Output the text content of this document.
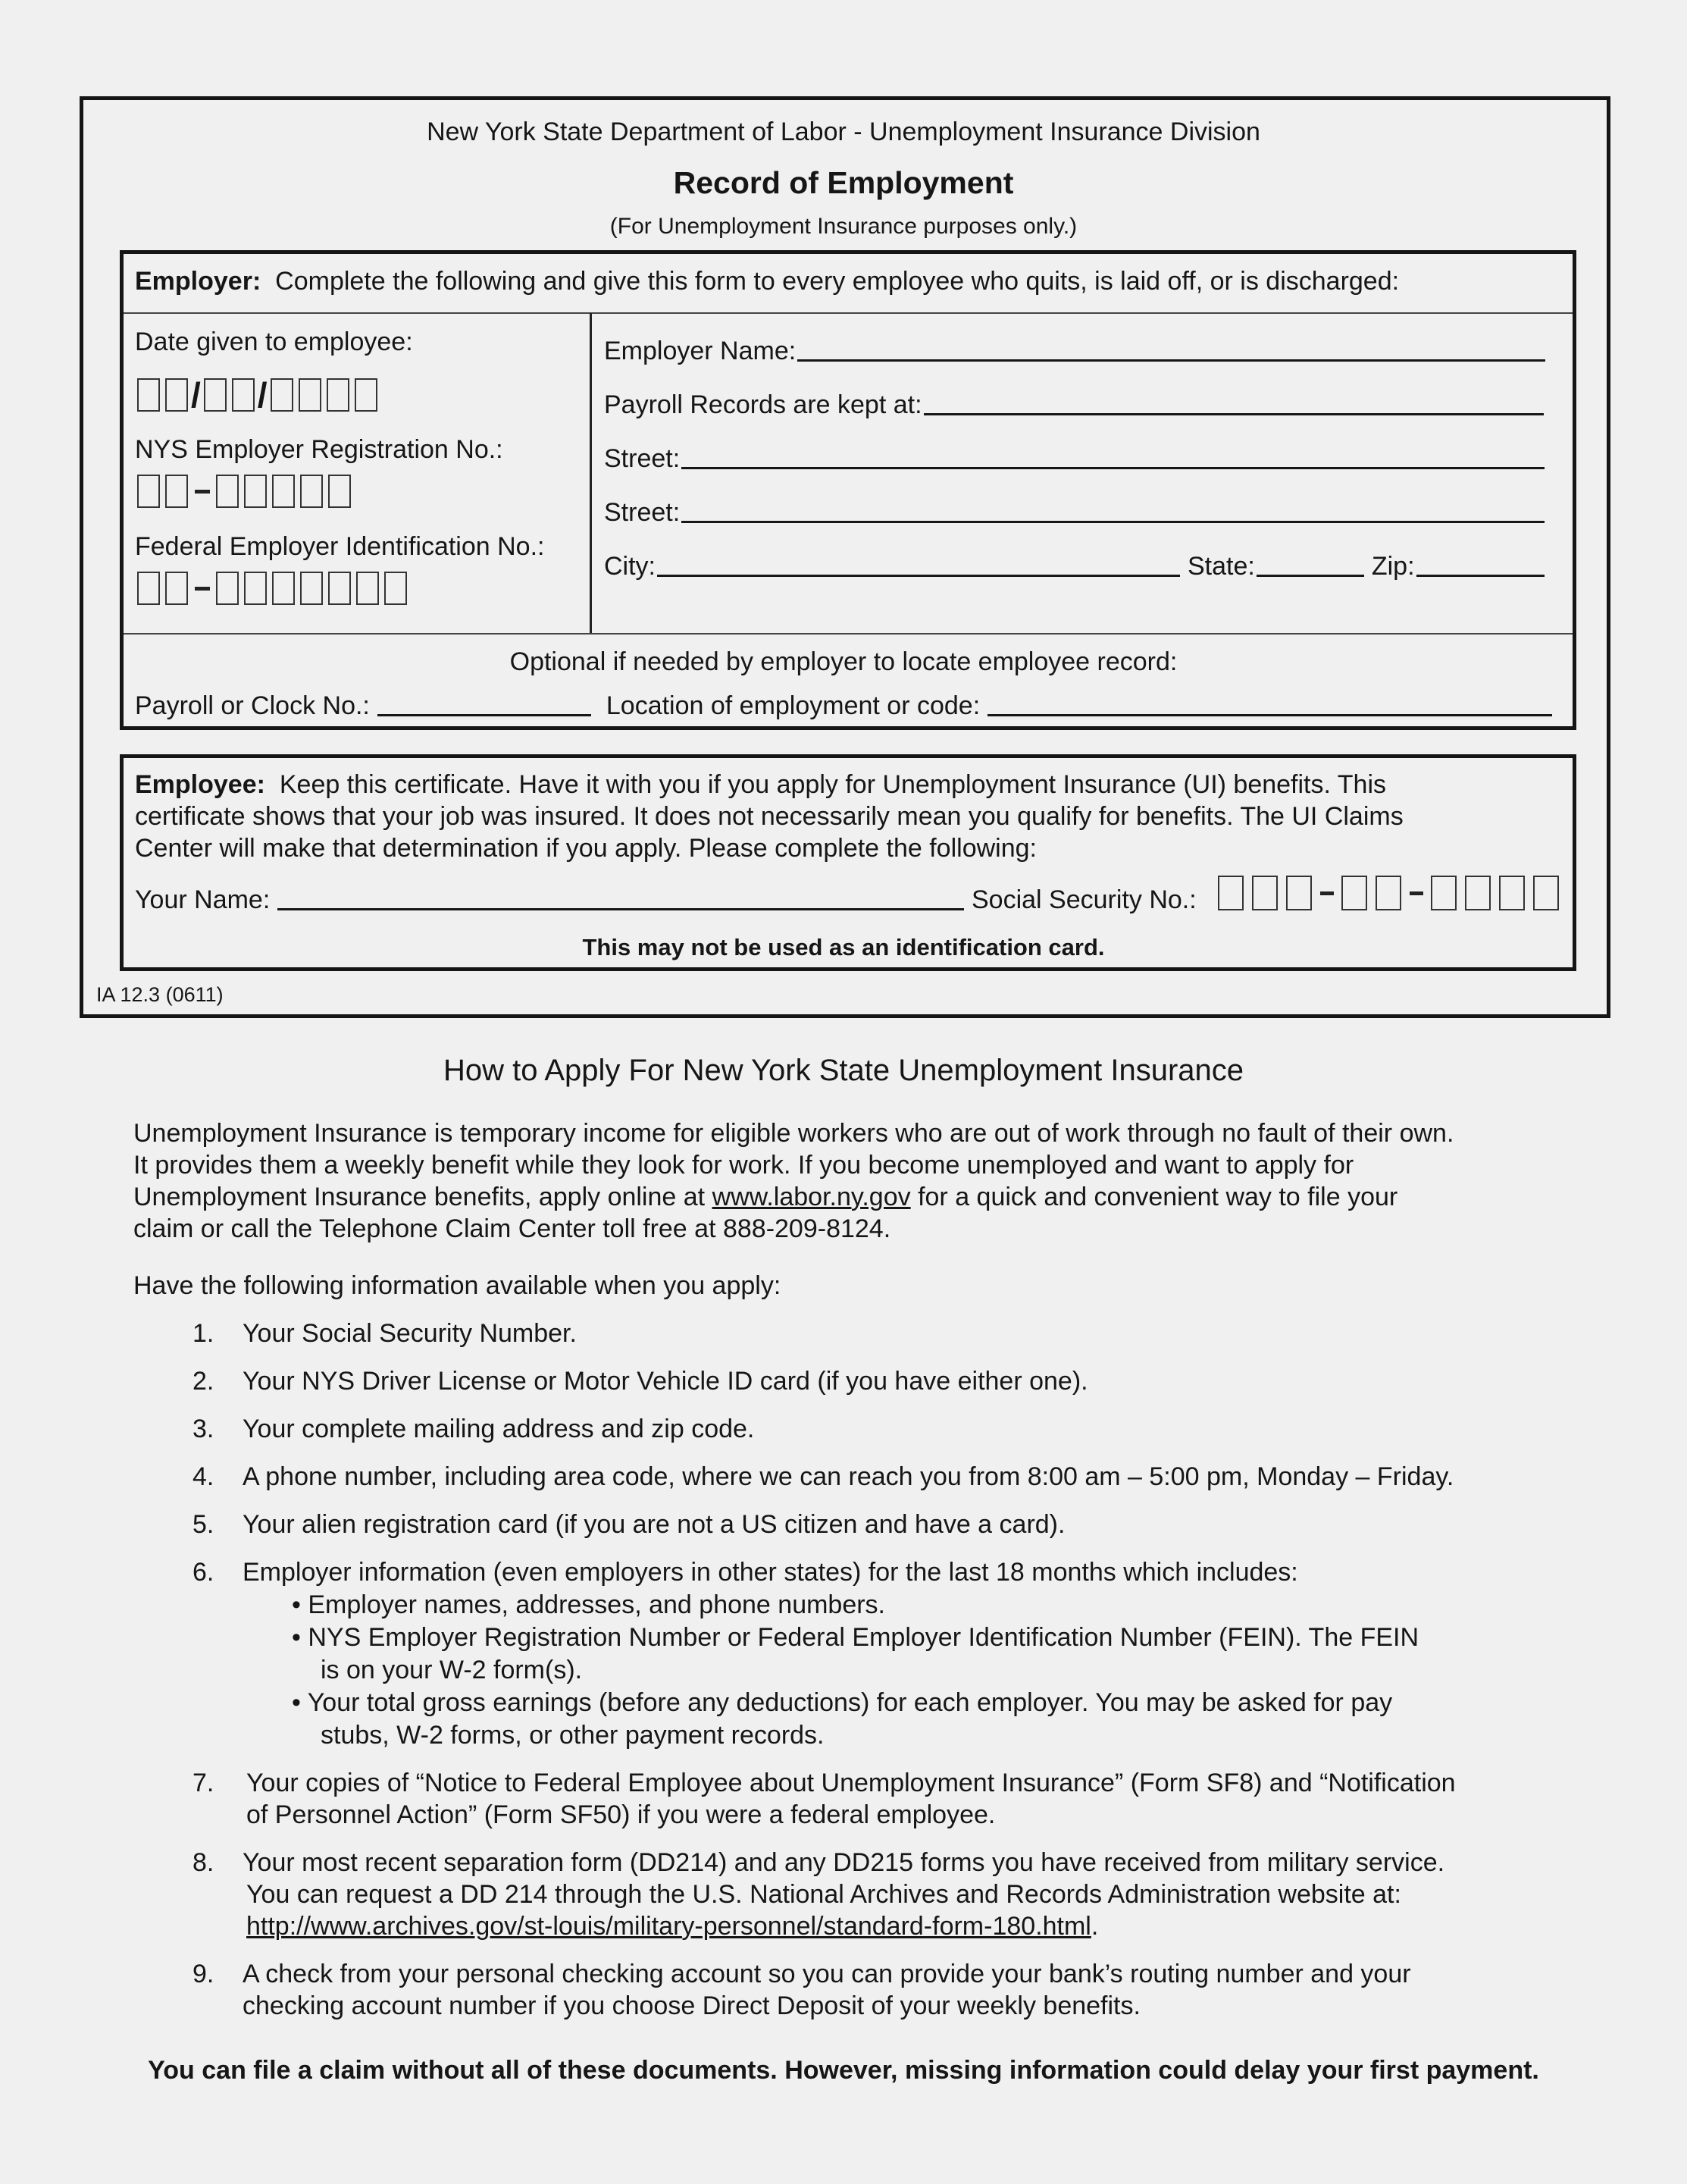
New York State Department of Labor - Unemployment Insurance Division
Record of Employment
(For Unemployment Insurance purposes only.)
Employer: Complete the following and give this form to every employee who quits, is laid off, or is discharged:
Date given to employee:
/ /
NYS Employer Registration No.:
Federal Employer Identification No.:
Employer Name:
Payroll Records are kept at:
Street:
Street:
City:	State:	Zip:
Optional if needed by employer to locate employee record:
Payroll or Clock No.:	Location of employment or code:
Employee: Keep this certificate. Have it with you if you apply for Unemployment Insurance (UI) benefits. This
certificate shows that your job was insured. It does not necessarily mean you qualify for benefits. The UI Claims
Center will make that determination if you apply. Please complete the following:
Your Name:	Social Security No.:
This may not be used as an identification card.
IA 12.3 (0611)
How to Apply For New York State Unemployment Insurance
Unemployment Insurance is temporary income for eligible workers who are out of work through no fault of their own.
It provides them a weekly benefit while they look for work. If you become unemployed and want to apply for
Unemployment Insurance benefits, apply online at www.labor.ny.gov for a quick and convenient way to file your
claim or call the Telephone Claim Center toll free at 888-209-8124.
Have the following information available when you apply:
1. Your Social Security Number.
2. Your NYS Driver License or Motor Vehicle ID card (if you have either one).
3. Your complete mailing address and zip code.
4. A phone number, including area code, where we can reach you from 8:00 am – 5:00 pm, Monday – Friday.
5. Your alien registration card (if you are not a US citizen and have a card).
6. Employer information (even employers in other states) for the last 18 months which includes:
• Employer names, addresses, and phone numbers.
• NYS Employer Registration Number or Federal Employer Identification Number (FEIN). The FEIN
is on your W-2 form(s).
• Your total gross earnings (before any deductions) for each employer. You may be asked for pay
stubs, W-2 forms, or other payment records.
7. Your copies of “Notice to Federal Employee about Unemployment Insurance” (Form SF8) and “Notification
of Personnel Action” (Form SF50) if you were a federal employee.
8. Your most recent separation form (DD214) and any DD215 forms you have received from military service.
You can request a DD 214 through the U.S. National Archives and Records Administration website at:
http://www.archives.gov/st-louis/military-personnel/standard-form-180.html.
9. A check from your personal checking account so you can provide your bank’s routing number and your
checking account number if you choose Direct Deposit of your weekly benefits.
You can file a claim without all of these documents. However, missing information could delay your first payment.
